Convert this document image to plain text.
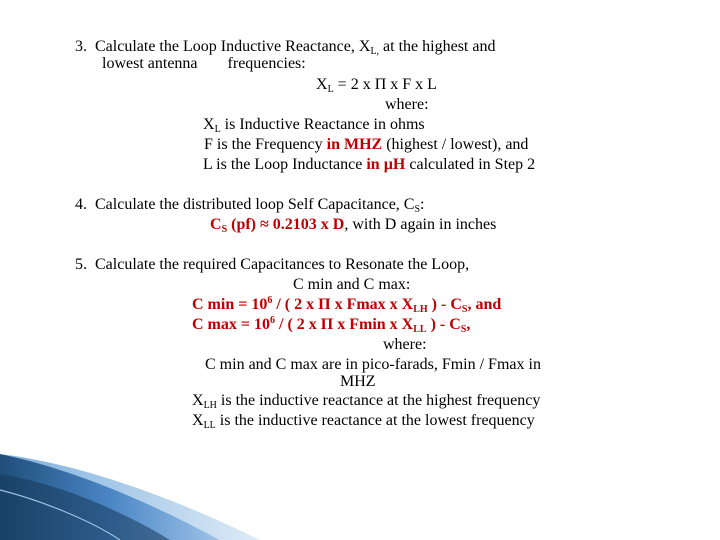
3. Calculate the Loop Inductive Reactance, $X_{L,}$ at the highest and
lowest antenna frequencies:
$X_L = 2$ x Π x F x L
where:
$X_L$ is Inductive Reactance in ohms
F is the Frequency in MHZ (highest / lowest), and
L is the Loop Inductance in µH calculated in Step 2
4. Calculate the distributed loop Self Capacitance, $C_S$:
$C_S$ (pf) ≈ 0.2103 x D, with D again in inches
5. Calculate the required Capacitances to Resonate the Loop,
C min and C max:
C $\min = 10^6$ / ( 2 x Π x Fmax x $X_{LH}$ ) - $C_S$, and
C $\max = 10^6$ / ( 2 x Π x Fmin x $X_{LL}$ ) - $C_S$,
where:
C min and C max are in pico-farads, Fmin / Fmax in
MHZ
$X_{LH}$ is the inductive reactance at the highest frequency
$X_{LL}$ is the inductive reactance at the lowest frequency
